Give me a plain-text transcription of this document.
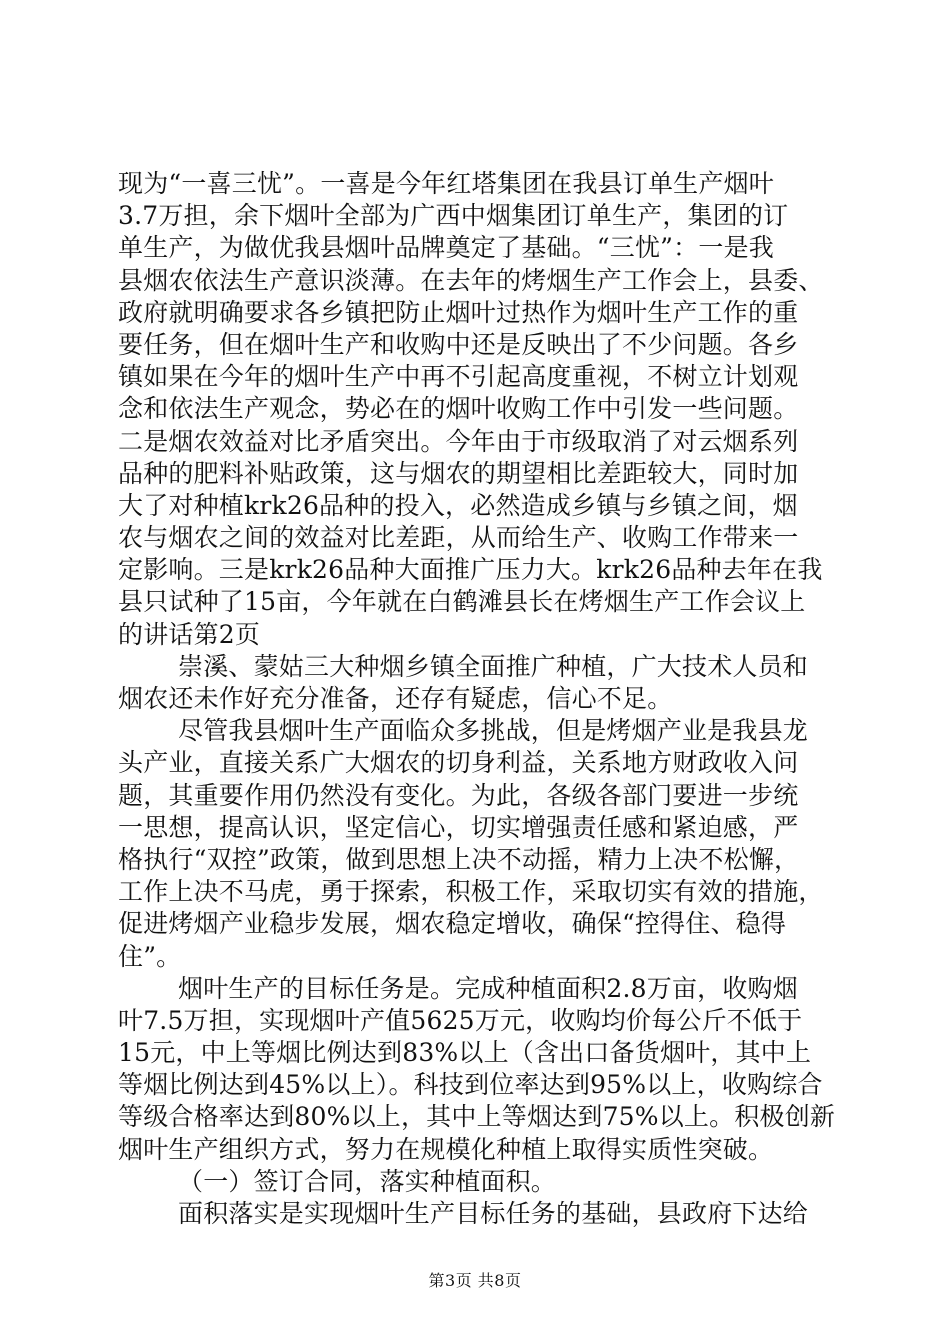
现为“一喜三忧”。一喜是今年红塔集团在我县订单生产烟叶
3.7万担，余下烟叶全部为广西中烟集团订单生产，集团的订
单生产，为做优我县烟叶品牌奠定了基础。“三忧”：一是我
县烟农依法生产意识淡薄。在去年的烤烟生产工作会上，县委、
政府就明确要求各乡镇把防止烟叶过热作为烟叶生产工作的重
要任务，但在烟叶生产和收购中还是反映出了不少问题。各乡
镇如果在今年的烟叶生产中再不引起高度重视，不树立计划观
念和依法生产观念，势必在的烟叶收购工作中引发一些问题。
二是烟农效益对比矛盾突出。今年由于市级取消了对云烟系列
品种的肥料补贴政策，这与烟农的期望相比差距较大，同时加
大了对种植krk26品种的投入，必然造成乡镇与乡镇之间，烟
农与烟农之间的效益对比差距，从而给生产、收购工作带来一
定影响。三是krk26品种大面推广压力大。krk26品种去年在我
县只试种了15亩，今年就在白鹤滩县长在烤烟生产工作会议上
的讲话第2页
崇溪、蒙姑三大种烟乡镇全面推广种植，广大技术人员和
烟农还未作好充分准备，还存有疑虑，信心不足。
尽管我县烟叶生产面临众多挑战，但是烤烟产业是我县龙
头产业，直接关系广大烟农的切身利益，关系地方财政收入问
题，其重要作用仍然没有变化。为此，各级各部门要进一步统
一思想，提高认识，坚定信心，切实增强责任感和紧迫感，严
格执行“双控”政策，做到思想上决不动摇，精力上决不松懈，
工作上决不马虎，勇于探索，积极工作，采取切实有效的措施，
促进烤烟产业稳步发展，烟农稳定增收，确保“控得住、稳得
住”。
烟叶生产的目标任务是。完成种植面积2.8万亩，收购烟
叶7.5万担，实现烟叶产值5625万元，收购均价每公斤不低于
15元，中上等烟比例达到83%以上（含出口备货烟叶，其中上
等烟比例达到45%以上）。科技到位率达到95%以上，收购综合
等级合格率达到80%以上，其中上等烟达到75%以上。积极创新
烟叶生产组织方式，努力在规模化种植上取得实质性突破。
（一）签订合同，落实种植面积。
面积落实是实现烟叶生产目标任务的基础，县政府下达给
第3页 共8页
